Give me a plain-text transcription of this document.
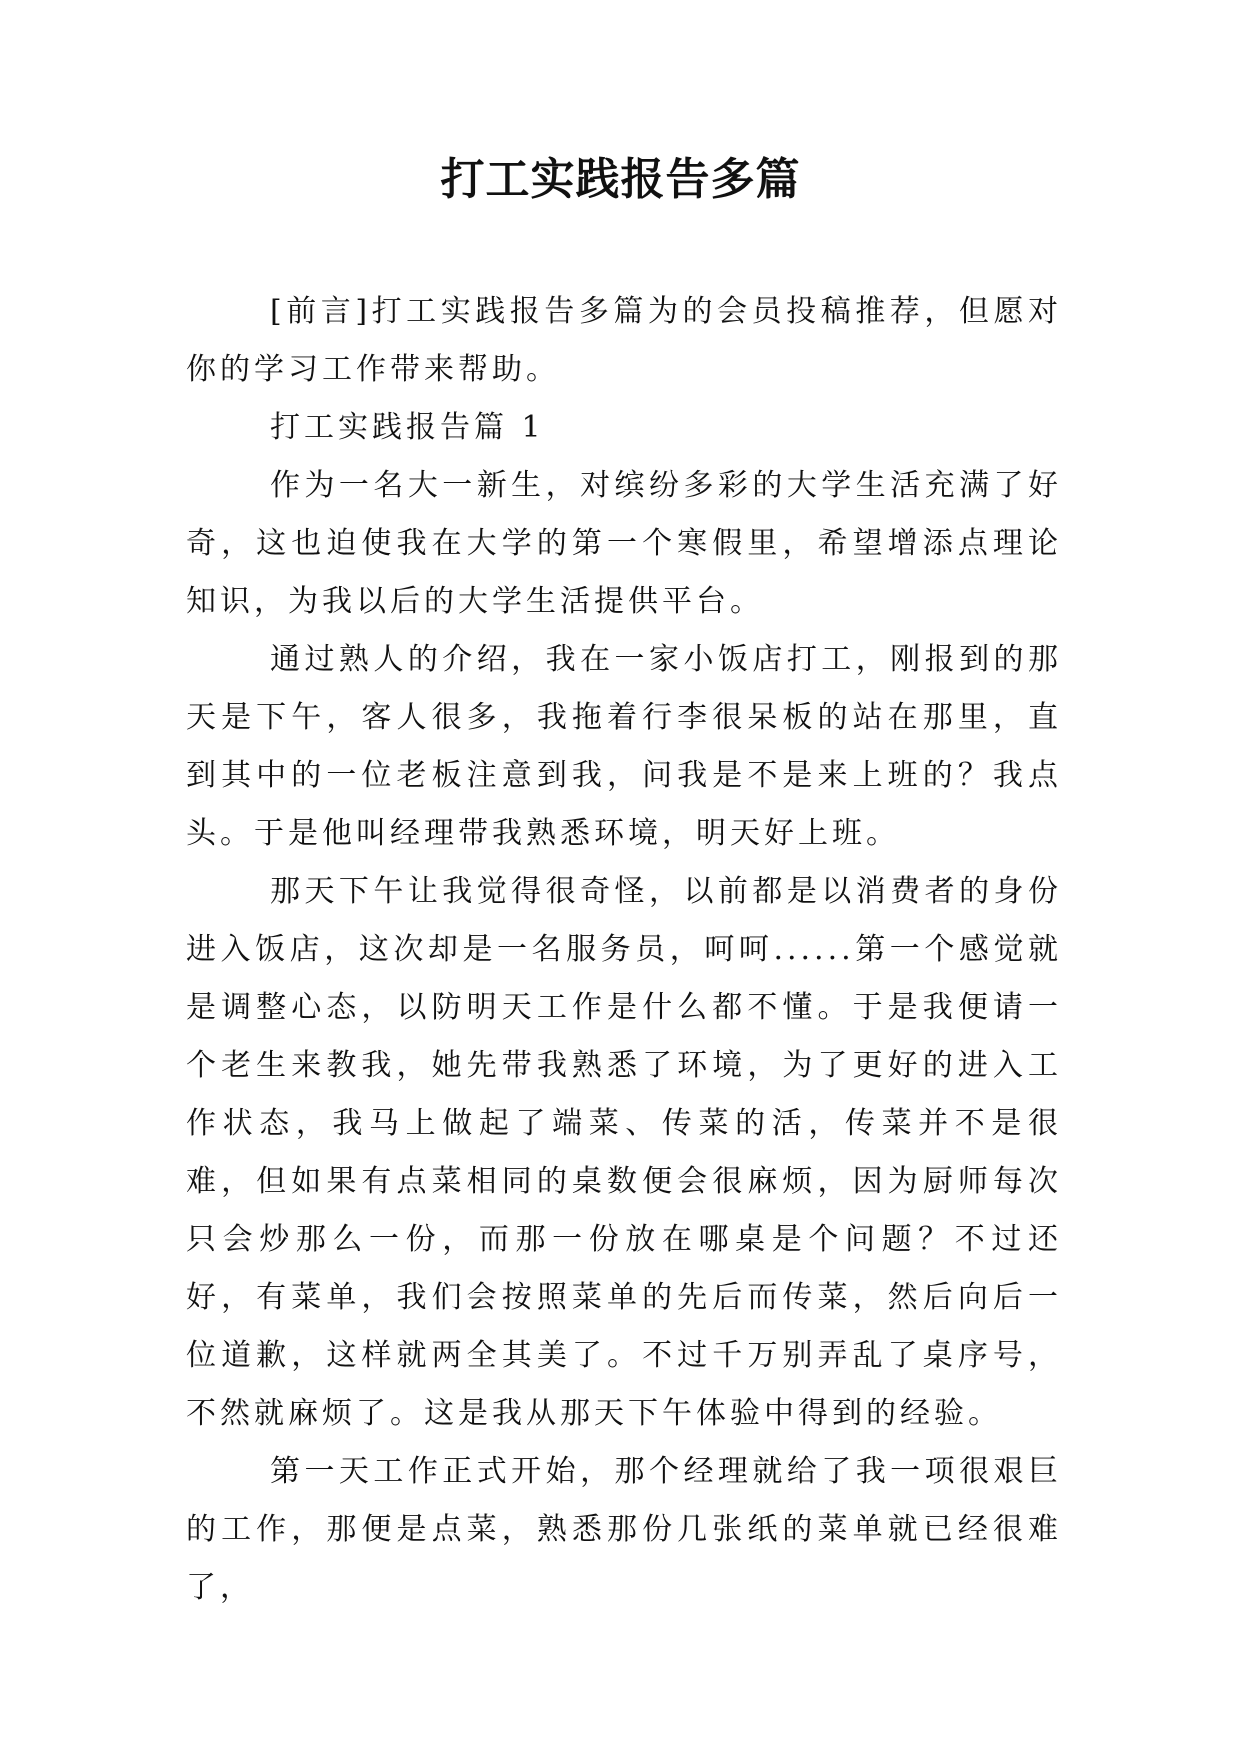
打工实践报告多篇

[前言]打工实践报告多篇为的会员投稿推荐，但愿对你的学习工作带来帮助。

打工实践报告篇 1

作为一名大一新生，对缤纷多彩的大学生活充满了好奇，这也迫使我在大学的第一个寒假里，希望增添点理论知识，为我以后的大学生活提供平台。

通过熟人的介绍，我在一家小饭店打工，刚报到的那天是下午，客人很多，我拖着行李很呆板的站在那里，直到其中的一位老板注意到我，问我是不是来上班的？我点头。于是他叫经理带我熟悉环境，明天好上班。

那天下午让我觉得很奇怪，以前都是以消费者的身份进入饭店，这次却是一名服务员，呵呵......第一个感觉就是调整心态，以防明天工作是什么都不懂。于是我便请一个老生来教我，她先带我熟悉了环境，为了更好的进入工作状态，我马上做起了端菜、传菜的活，传菜并不是很难，但如果有点菜相同的桌数便会很麻烦，因为厨师每次只会炒那么一份，而那一份放在哪桌是个问题？不过还好，有菜单，我们会按照菜单的先后而传菜，然后向后一位道歉，这样就两全其美了。不过千万别弄乱了桌序号，不然就麻烦了。这是我从那天下午体验中得到的经验。

第一天工作正式开始，那个经理就给了我一项很艰巨的工作，那便是点菜，熟悉那份几张纸的菜单就已经很难了，
